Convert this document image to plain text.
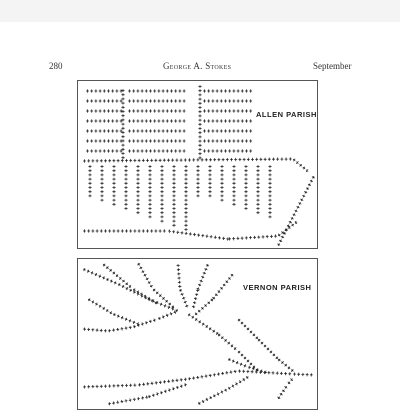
280	George A. Stokes	September
ALLEN PARISH
VERNON PARISH
